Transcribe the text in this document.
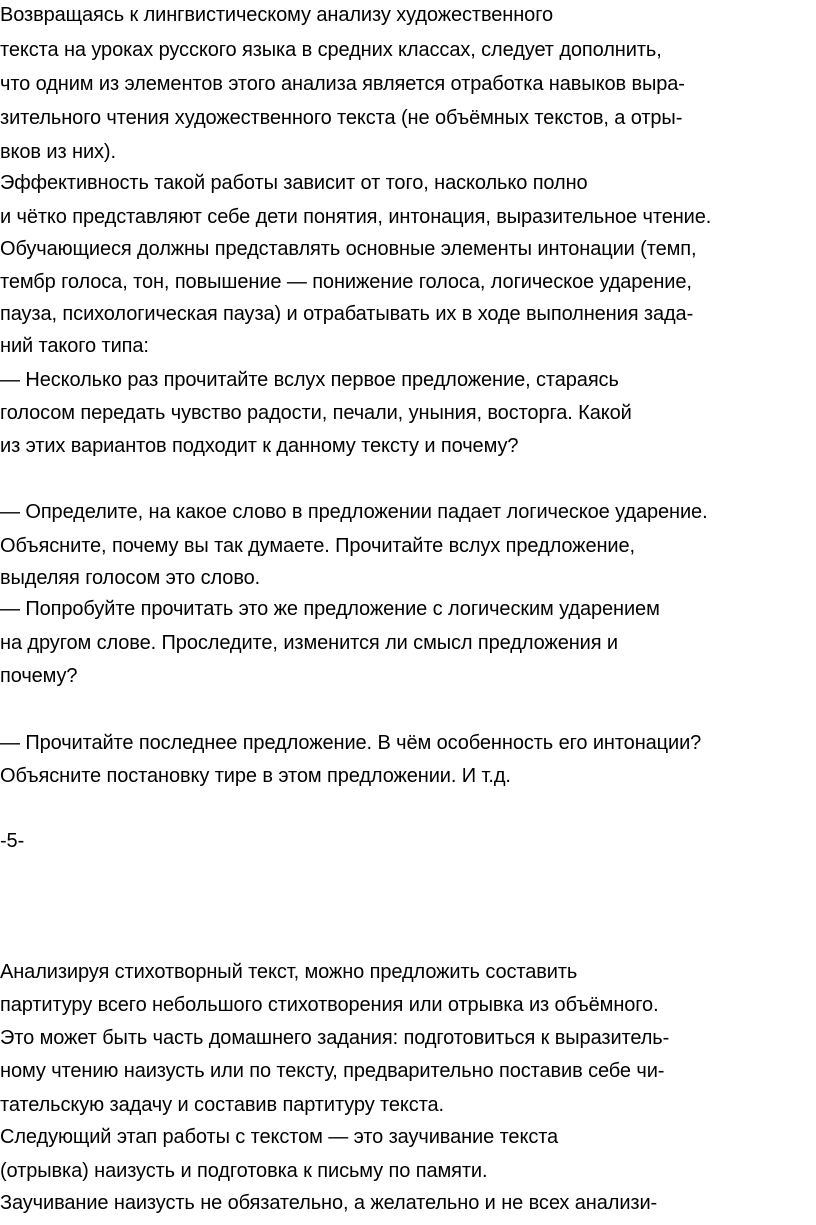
Возвращаясь к лингвистическому анализу художественного
текста на уроках русского языка в средних классах, следует дополнить,
что одним из элементов этого анализа является отработка навыков выра-
зительного чтения художественного текста (не объёмных текстов, а отры-
вков из них).
Эффективность такой работы зависит от того, насколько полно
и чётко представляют себе дети понятия, интонация, выразительное чтение.
Обучающиеся должны представлять основные элементы интонации (темп,
тембр голоса, тон, повышение — понижение голоса, логическое ударение,
пауза, психологическая пауза) и отрабатывать их в ходе выполнения зада-
ний такого типа:
— Несколько раз прочитайте вслух первое предложение, стараясь
голосом передать чувство радости, печали, уныния, восторга. Какой
из этих вариантов подходит к данному тексту и почему?
— Определите, на какое слово в предложении падает логическое ударение.
Объясните, почему вы так думаете. Прочитайте вслух предложение,
выделяя голосом это слово.
— Попробуйте прочитать это же предложение с логическим ударением
на другом слове. Проследите, изменится ли смысл предложения и
почему?
— Прочитайте последнее предложение. В чём особенность его интонации?
Объясните постановку тире в этом предложении. И т.д.
-5-
Анализируя стихотворный текст, можно предложить составить
партитуру всего небольшого стихотворения или отрывка из объёмного.
Это может быть часть домашнего задания: подготовиться к выразитель-
ному чтению наизусть или по тексту, предварительно поставив себе чи-
тательскую задачу и составив партитуру текста.
Следующий этап работы с текстом — это заучивание текста
(отрывка) наизусть и подготовка к письму по памяти.
Заучивание наизусть не обязательно, а желательно и не всех анализи-
